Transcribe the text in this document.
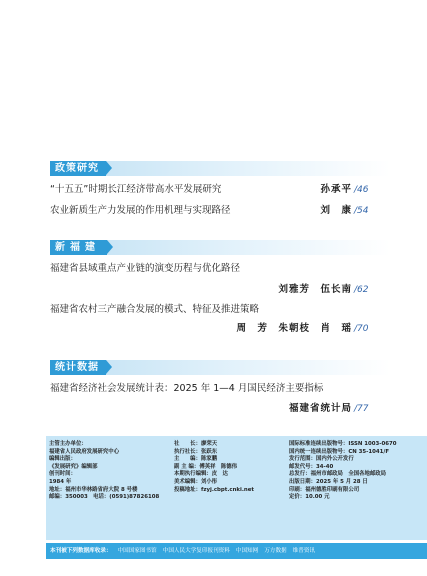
政策研究
“十五五”时期长江经济带高水平发展研究	孙承平 /46
农业新质生产力发展的作用机理与实现路径	刘　康 /54
新福建
福建省县域重点产业链的演变历程与优化路径
刘雅芳　伍长南 /62
福建省农村三产融合发展的模式、特征及推进策略
周　芳　朱朝枝　肖　瑶 /70
统计数据
福建省经济社会发展统计表：2025 年 1—4 月国民经济主要指标
福建省统计局 /77
主管主办单位：
福建省人民政府发展研究中心
编辑出版：
《发展研究》编辑部
创刊时间：
1984 年
地址：福州市华林路省府大院 8 号楼
邮编：350003　电话：(0591)87826108
社　　长：廖荣天
执行社长：张跃东
主　　编：陈家鹏
副 主 编：傅英祥　陈德伟
本期执行编辑：皮　达
美术编辑：刘小彤
投稿地址：fzyj.cbpt.cnki.net
国际标准连续出版物号：ISSN 1003-0670
国内统一连续出版物号：CN 35-1041/F
发行范围：国内外公开发行
邮发代号：34-40
总发行：福州市邮政局　全国各地邮政局
出版日期：2025 年 5 月 28 日
印刷：福州德胜印刷有限公司
定价：10.00 元
本刊被下列数据库收录： 中国国家图书馆 中国人民大学复印报刊资料 中国知网 万方数据 维普资讯
